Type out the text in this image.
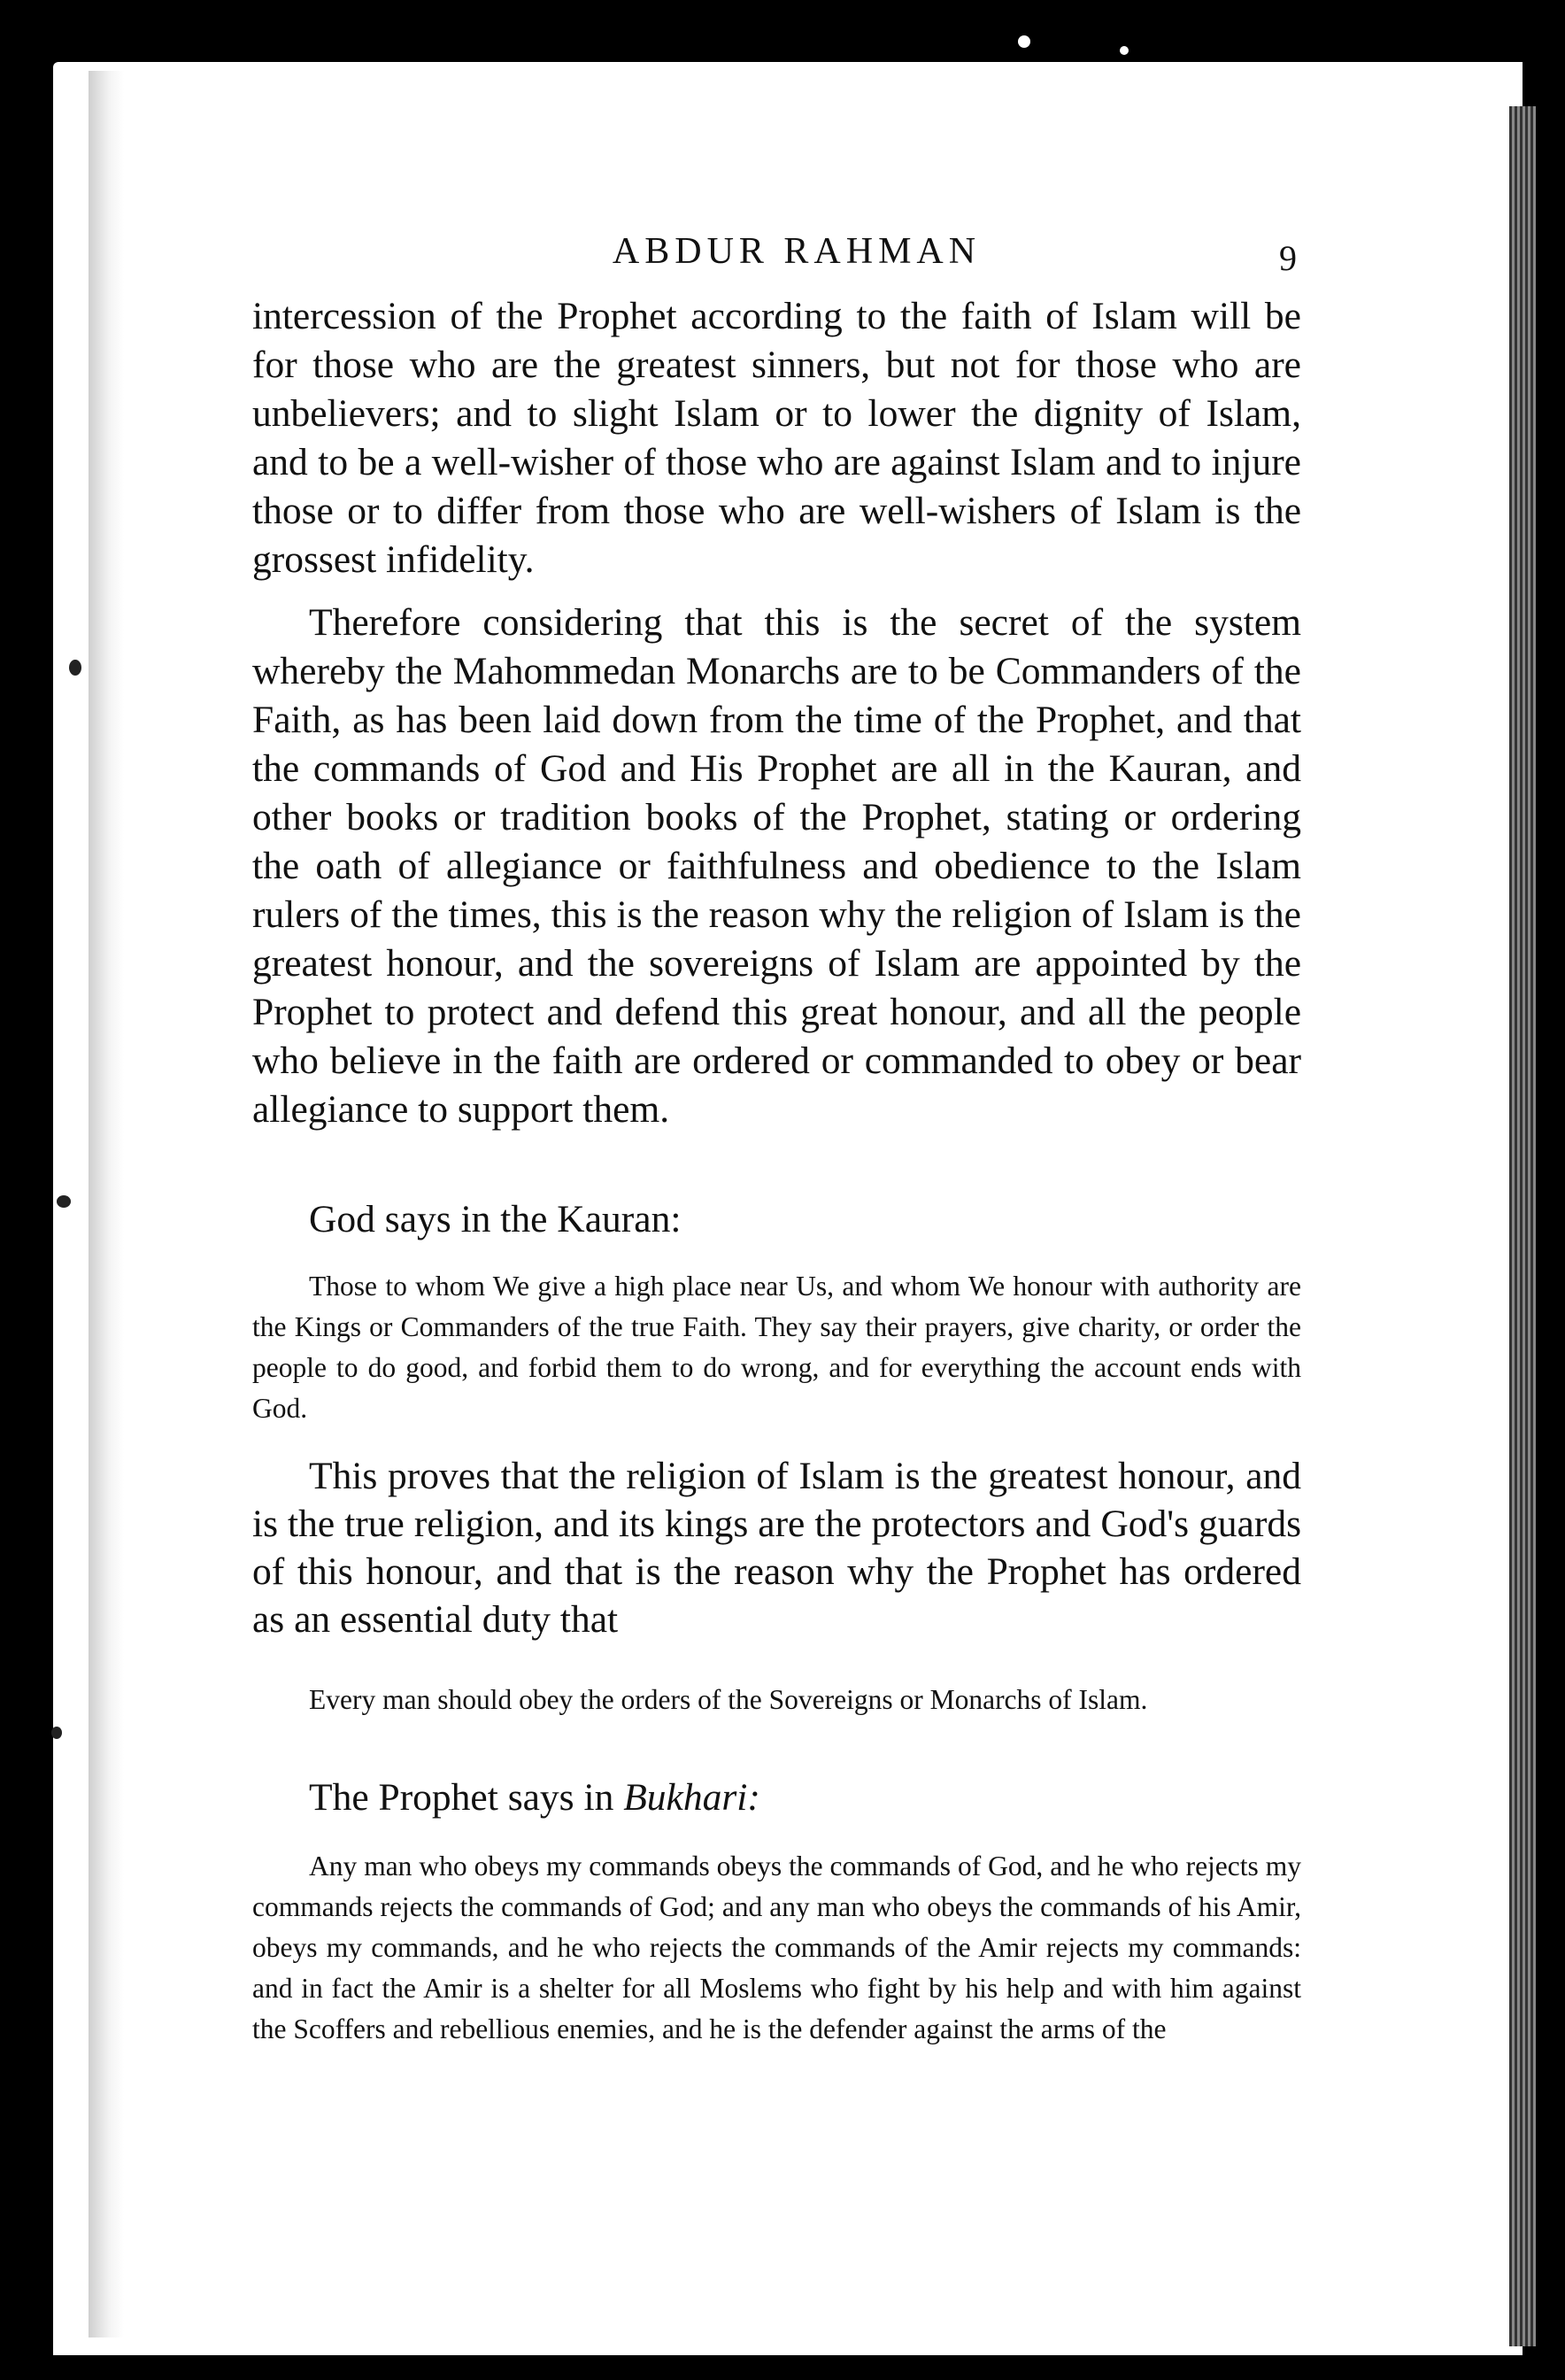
ABDUR RAHMAN	9
intercession of the Prophet according to the faith of Islam will be for those who are the greatest sinners, but not for those who are unbelievers; and to slight Islam or to lower the dignity of Islam, and to be a well-wisher of those who are against Islam and to injure those or to differ from those who are well-wishers of Islam is the grossest infidelity.
Therefore considering that this is the secret of the system whereby the Mahommedan Monarchs are to be Commanders of the Faith, as has been laid down from the time of the Prophet, and that the commands of God and His Prophet are all in the Kauran, and other books or tradition books of the Prophet, stating or ordering the oath of allegiance or faithfulness and obedience to the Islam rulers of the times, this is the reason why the religion of Islam is the greatest honour, and the sovereigns of Islam are appointed by the Prophet to protect and defend this great honour, and all the people who believe in the faith are ordered or commanded to obey or bear allegiance to support them.
God says in the Kauran:
Those to whom We give a high place near Us, and whom We honour with authority are the Kings or Commanders of the true Faith. They say their prayers, give charity, or order the people to do good, and forbid them to do wrong, and for everything the account ends with God.
This proves that the religion of Islam is the greatest honour, and is the true religion, and its kings are the protectors and God's guards of this honour, and that is the reason why the Prophet has ordered as an essential duty that
Every man should obey the orders of the Sovereigns or Monarchs of Islam.
The Prophet says in Bukhari:
Any man who obeys my commands obeys the commands of God, and he who rejects my commands rejects the commands of God; and any man who obeys the commands of his Amir, obeys my commands, and he who rejects the commands of the Amir rejects my commands: and in fact the Amir is a shelter for all Moslems who fight by his help and with him against the Scoffers and rebellious enemies, and he is the defender against the arms of the
